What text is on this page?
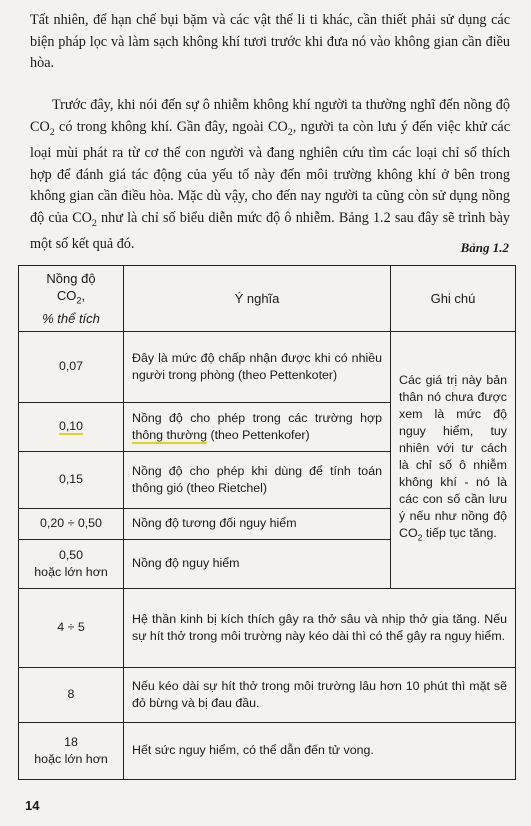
Tất nhiên, để hạn chế bụi bặm và các vật thể li ti khác, cần thiết phải sử dụng các biện pháp lọc và làm sạch không khí tươi trước khi đưa nó vào không gian cần điều hòa.

Trước đây, khi nói đến sự ô nhiễm không khí người ta thường nghĩ đến nồng độ $CO_2$ có trong không khí. Gần đây, ngoài $CO_2$, người ta còn lưu ý đến việc khử các loại mùi phát ra từ cơ thể con người và đang nghiên cứu tìm các loại chỉ số thích hợp để đánh giá tác động của yếu tố này đến môi trường không khí ở bên trong không gian cần điều hòa. Mặc dù vậy, cho đến nay người ta cũng còn sử dụng nồng độ của $CO_2$ như là chỉ số biểu diễn mức độ ô nhiễm. Bảng 1.2 sau đây sẽ trình bày một số kết quả đó.	Bảng 1.2
Nồng độ
$CO_2$,
% thể tích	Ý nghĩa	Ghi chú
0,07	Đây là mức độ chấp nhận được khi có nhiều người trong phòng (theo Pettenkoter)	Các giá trị này bản thân nó chưa được xem là mức độ nguy hiểm, tuy nhiên với tư cách là chỉ số ô nhiễm không khí - nó là các con số cần lưu ý nếu như nồng độ $CO_2$ tiếp tục tăng.
0,10	Nồng độ cho phép trong các trường hợp thông thường (theo Pettenkofer)	
0,15	Nồng độ cho phép khi dùng để tính toán thông gió (theo Rietchel)	
0,20 ÷ 0,50	Nồng độ tương đối nguy hiểm	

0,50
hoặc lớn hơn	Nồng độ nguy hiểm	
4 ÷ 5	Hệ thần kinh bị kích thích gây ra thở sâu và nhịp thở gia tăng. Nếu sự hít thở trong môi trường này kéo dài thì có thể gây ra nguy hiểm.	
8	Nếu kéo dài sự hít thở trong môi trường lâu hơn 10 phút thì mặt sẽ đỏ bừng và bị đau đầu.	

18
hoặc lớn hơn	Hết sức nguy hiểm, có thể dẫn đến tử vong.	
14
